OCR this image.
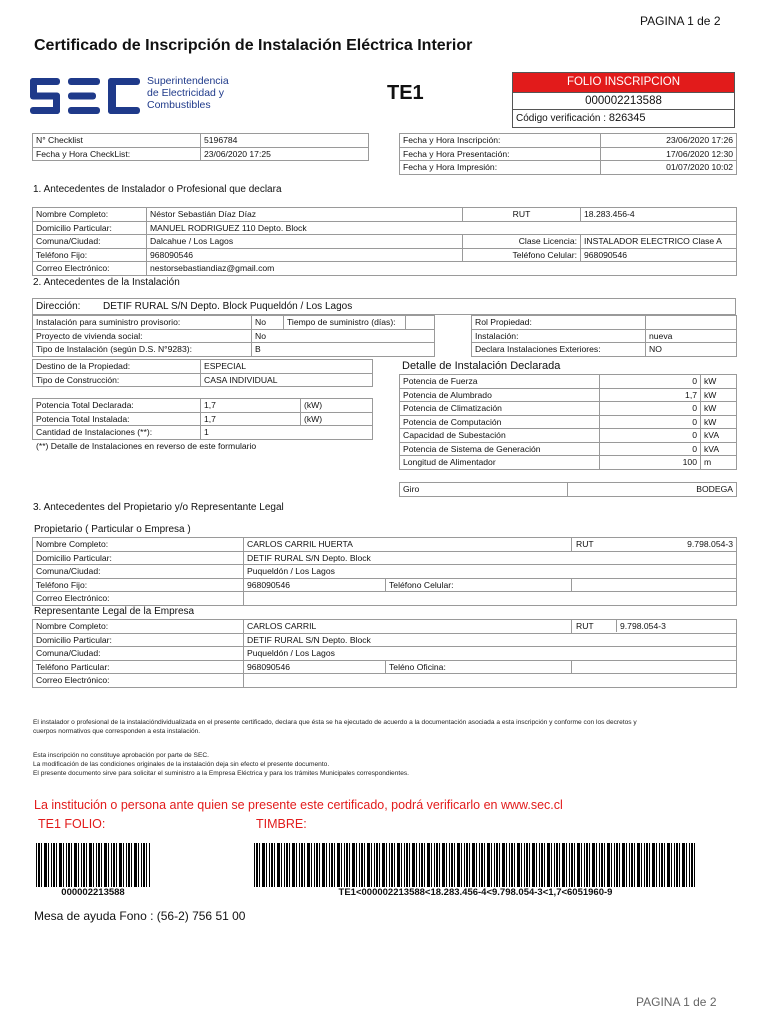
PAGINA 1 de 2
Certificado de Inscripción de Instalación Eléctrica Interior
Superintendencia
de Electricidad y
Combustibles
TE1	FOLIO INSCRIPCION
000002213588
Código verificación : 826345
N° Checklist	5196784
Fecha y Hora CheckList:	23/06/2020 17:25
Fecha y Hora Inscripción:	23/06/2020 17:26
Fecha y Hora Presentación:	17/06/2020 12:30
Fecha y Hora Impresión:	01/07/2020 10:02
1. Antecedentes de Instalador o Profesional que declara
Nombre Completo:	Néstor Sebastián Díaz Díaz	RUT	18.283.456-4
Domicilio Particular:	MANUEL RODRIGUEZ 110 Depto. Block		
Comuna/Ciudad:	Dalcahue / Los Lagos	Clase Licencia:	INSTALADOR ELECTRICO Clase A
Teléfono Fijo:	968090546	Teléfono Celular:	968090546
Correo Electrónico:	nestorsebastiandiaz@gmail.com		
2. Antecedentes de la Instalación
Dirección: DETIF RURAL S/N Depto. Block Puqueldón / Los Lagos
Instalación para suministro provisorio:	No	Tiempo de suministro (días):	
Proyecto de vivienda social:	No		
Tipo de Instalación (según D.S. N°9283):	B		
Rol Propiedad:	
Instalación:	nueva
Declara Instalaciones Exteriores:	NO
Destino de la Propiedad:	ESPECIAL
Tipo de Construcción:	CASA INDIVIDUAL
Potencia Total Declarada:	1,7	(kW)
Potencia Total Instalada:	1,7	(kW)
Cantidad de Instalaciones (**):	1	
(**) Detalle de Instalaciones en reverso de este formulario
Detalle de Instalación Declarada
Potencia de Fuerza	0	kW
Potencia de Alumbrado	1,7	kW
Potencia de Climatización	0	kW
Potencia de Computación	0	kW
Capacidad de Subestación	0	kVA
Potencia de Sistema de Generación	0	kVA
Longitud de Alimentador	100	m
Giro	BODEGA
3. Antecedentes del Propietario y/o Representante Legal
Propietario ( Particular o Empresa )
Nombre Completo:	CARLOS CARRIL HUERTA		RUT 9.798.054-3

Domicilio Particular:	DETIF RURAL S/N Depto. Block		
Comuna/Ciudad:	Puqueldón / Los Lagos		
Teléfono Fijo:	968090546	Teléfono Celular:	
Correo Electrónico:			
Representante Legal de la Empresa
Nombre Completo:	CARLOS CARRIL		RUT 9.798.054-3

Domicilio Particular:	DETIF RURAL S/N Depto. Block		
Comuna/Ciudad:	Puqueldón / Los Lagos		
Teléfono Particular:	968090546	Teléno Oficina:	
Correo Electrónico:			
El instalador o profesional de la instalacióndividualizada en el presente certificado, declara que ésta se ha ejecutado de acuerdo a la documentación asociada a esta inscripción y conforme con los decretos y
cuerpos normativos que corresponden a esta instalación.
Esta inscripción no constituye aprobación por parte de SEC.
La modificación de las condiciones originales de la instalación deja sin efecto el presente documento.
El presente documento sirve para solicitar el suministro a la Empresa Eléctrica y para los trámites Municipales correspondientes.
La institución o persona ante quien se presente este certificado, podrá verificarlo en www.sec.cl
TE1 FOLIO:	TIMBRE:
000002213588	TE1<000002213588<18.283.456-4<9.798.054-3<1,7<6051960-9
Mesa de ayuda Fono : (56-2) 756 51 00
PAGINA 1 de 2
